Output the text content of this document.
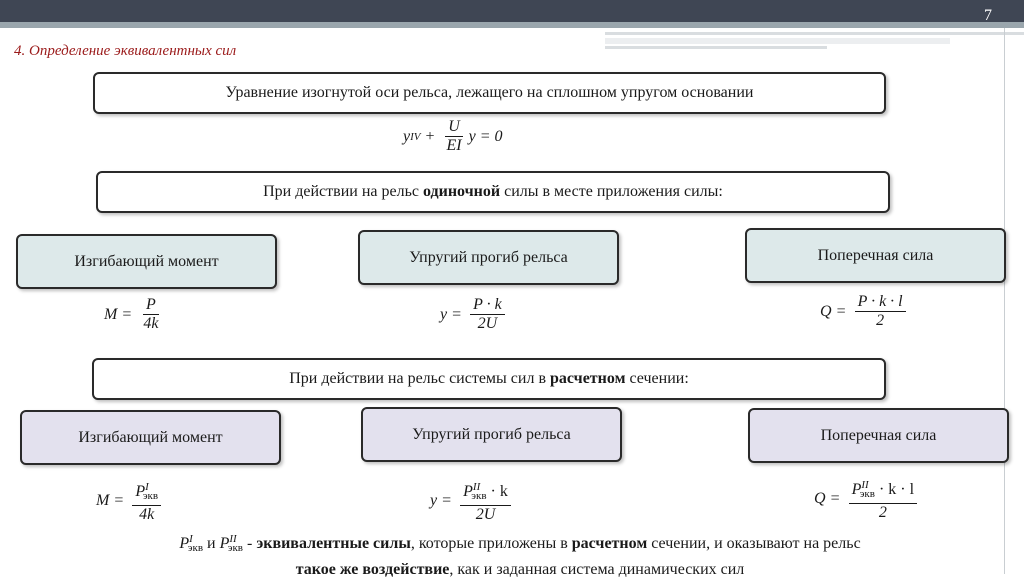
7
4. Определение эквивалентных сил
Уравнение изогнутой оси рельса, лежащего на сплошном упругом основании
y IV + $\frac{U}{EI}$ y = 0
При действии на рельс одиночной силы в месте приложения силы:
Изгибающий момент	Упругий прогиб рельса	Поперечная сила
$M = \frac{P}{4k}$	$y = \frac{P \cdot k}{2U}$	$Q = \frac{P \cdot k \cdot l}{2}$
При действии на рельс системы сил в расчетном сечении:
Изгибающий момент	Упругий прогиб рельса	Поперечная сила
$M = \frac{P^I_{экв}}{4k}$	$y = \frac{P^{II}_{экв} \cdot k}{2U}$	$Q = \frac{P^{II}_{экв} \cdot k \cdot l}{2}$
$P^I_{экв}$ и $P^{II}_{экв}$ - эквивалентные силы, которые приложены в расчетном сечении, и оказывают на рельс
такое же воздействие, как и заданная система динамических сил
